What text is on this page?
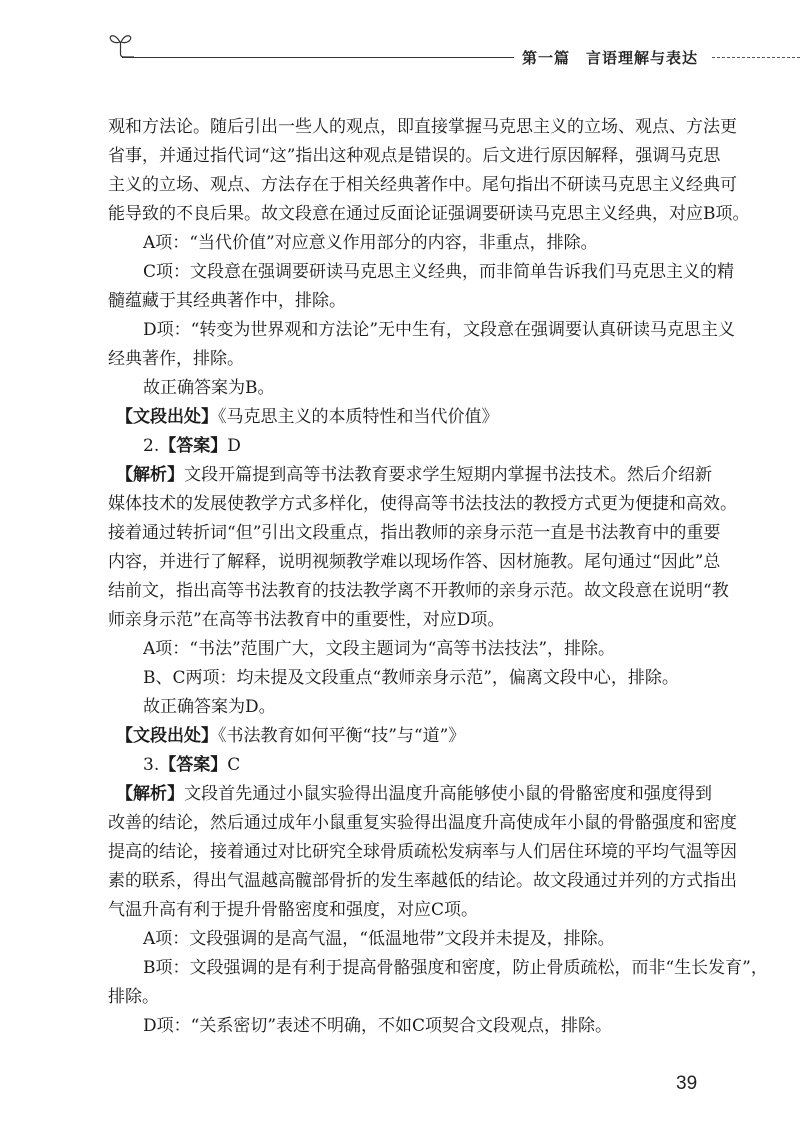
第一篇　言语理解与表达
观和方法论。随后引出一些人的观点，即直接掌握马克思主义的立场、观点、方法更
省事，并通过指代词“这”指出这种观点是错误的。后文进行原因解释，强调马克思
主义的立场、观点、方法存在于相关经典著作中。尾句指出不研读马克思主义经典可
能导致的不良后果。故文段意在通过反面论证强调要研读马克思主义经典，对应B项。
A项：“当代价值”对应意义作用部分的内容，非重点，排除。
C项：文段意在强调要研读马克思主义经典，而非简单告诉我们马克思主义的精
髓蕴藏于其经典著作中，排除。
D项：“转变为世界观和方法论”无中生有，文段意在强调要认真研读马克思主义
经典著作，排除。
故正确答案为B。
【文段出处】《马克思主义的本质特性和当代价值》
2.【答案】D
【解析】文段开篇提到高等书法教育要求学生短期内掌握书法技术。然后介绍新
媒体技术的发展使教学方式多样化，使得高等书法技法的教授方式更为便捷和高效。
接着通过转折词“但”引出文段重点，指出教师的亲身示范一直是书法教育中的重要
内容，并进行了解释，说明视频教学难以现场作答、因材施教。尾句通过“因此”总
结前文，指出高等书法教育的技法教学离不开教师的亲身示范。故文段意在说明“教
师亲身示范”在高等书法教育中的重要性，对应D项。
A项：“书法”范围广大，文段主题词为“高等书法技法”，排除。
B、C两项：均未提及文段重点“教师亲身示范”，偏离文段中心，排除。
故正确答案为D。
【文段出处】《书法教育如何平衡“技”与“道”》
3.【答案】C
【解析】文段首先通过小鼠实验得出温度升高能够使小鼠的骨骼密度和强度得到
改善的结论，然后通过成年小鼠重复实验得出温度升高使成年小鼠的骨骼强度和密度
提高的结论，接着通过对比研究全球骨质疏松发病率与人们居住环境的平均气温等因
素的联系，得出气温越高髋部骨折的发生率越低的结论。故文段通过并列的方式指出
气温升高有利于提升骨骼密度和强度，对应C项。
A项：文段强调的是高气温，“低温地带”文段并未提及，排除。
B项：文段强调的是有利于提高骨骼强度和密度，防止骨质疏松，而非“生长发育”，
排除。
D项：“关系密切”表述不明确，不如C项契合文段观点，排除。
39
